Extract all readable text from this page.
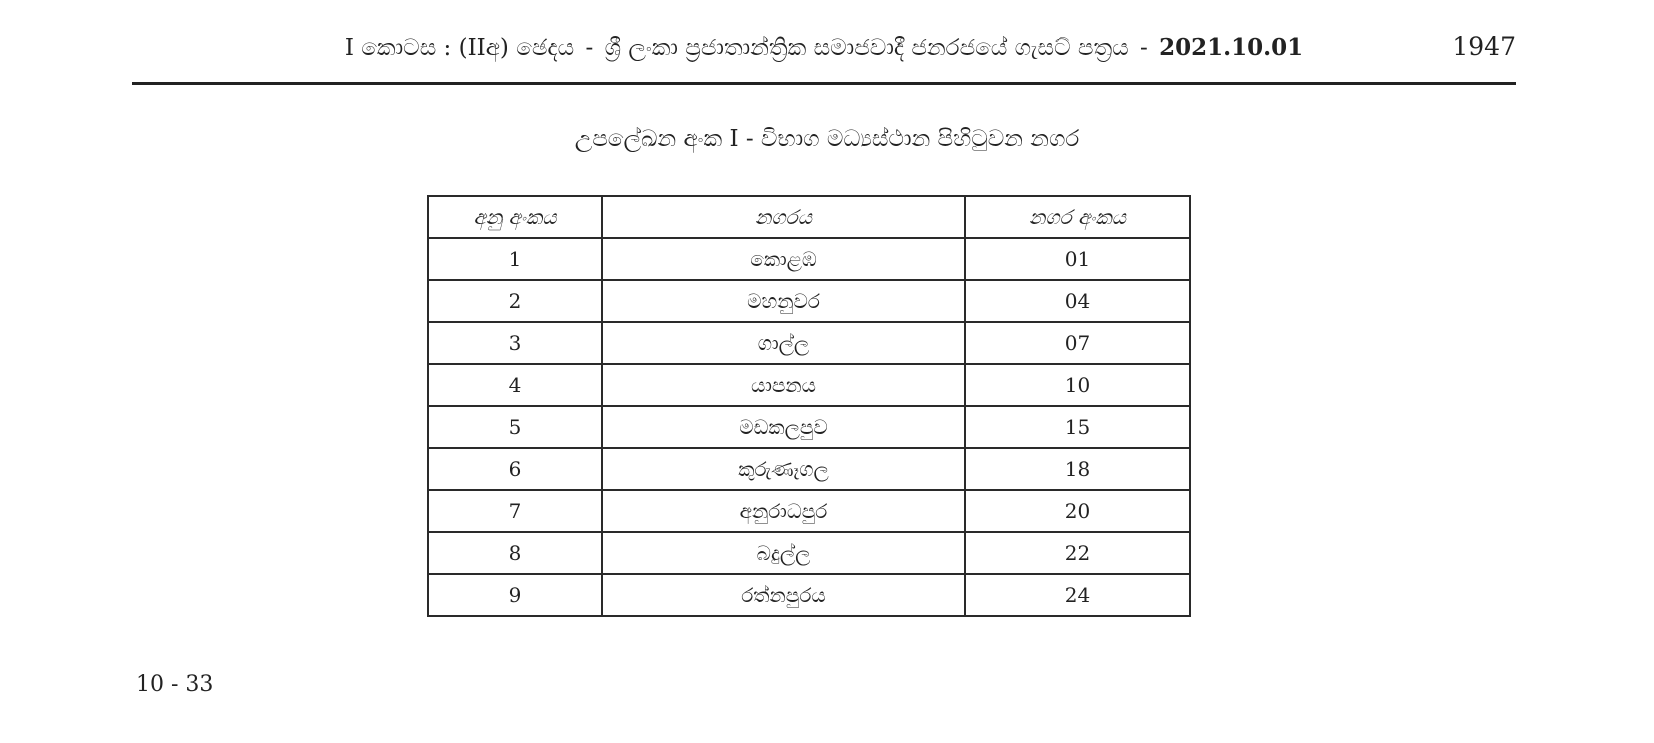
I කොටස : (IIඅ) ඡෙදය - ශ්‍රී ලංකා ප්‍රජාතාන්ත්‍රික සමාජවාදී ජනරජයේ ගැසට් පත්‍රය - 2021.10.01	1947
උපලේඛන අංක I - විභාග මධ්‍යස්ථාන පිහිටුවන නගර
අනු අංකය	නගරය	නගර අංකය
1	කොළඹ	01
2	මහනුවර	04
3	ගාල්ල	07
4	යාපනය	10
5	මඩකලපුව	15
6	කුරුණෑගල	18
7	අනුරාධපුර	20
8	බදුල්ල	22
9	රත්නපුරය	24
10 - 33
